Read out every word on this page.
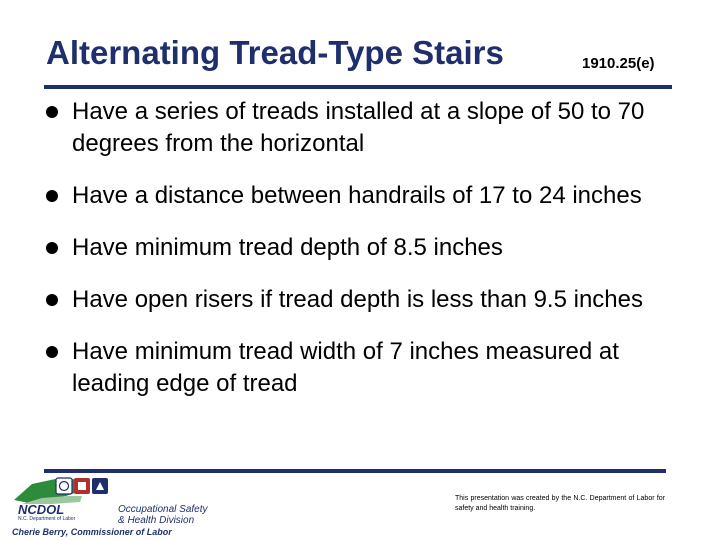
Alternating Tread-Type Stairs	1910.25(e)
Have a series of treads installed at a slope of 50 to 70 degrees from the horizontal
Have a distance between handrails of 17 to 24 inches
Have minimum tread depth of 8.5 inches
Have open risers if tread depth is less than 9.5 inches
Have minimum tread width of 7 inches measured at leading edge of tread
NCDOL
N.C. Department of Labor
Occupational Safety
& Health Division
Cherie Berry, Commissioner of Labor
This presentation was created by the N.C. Department of Labor for safety and health training.
